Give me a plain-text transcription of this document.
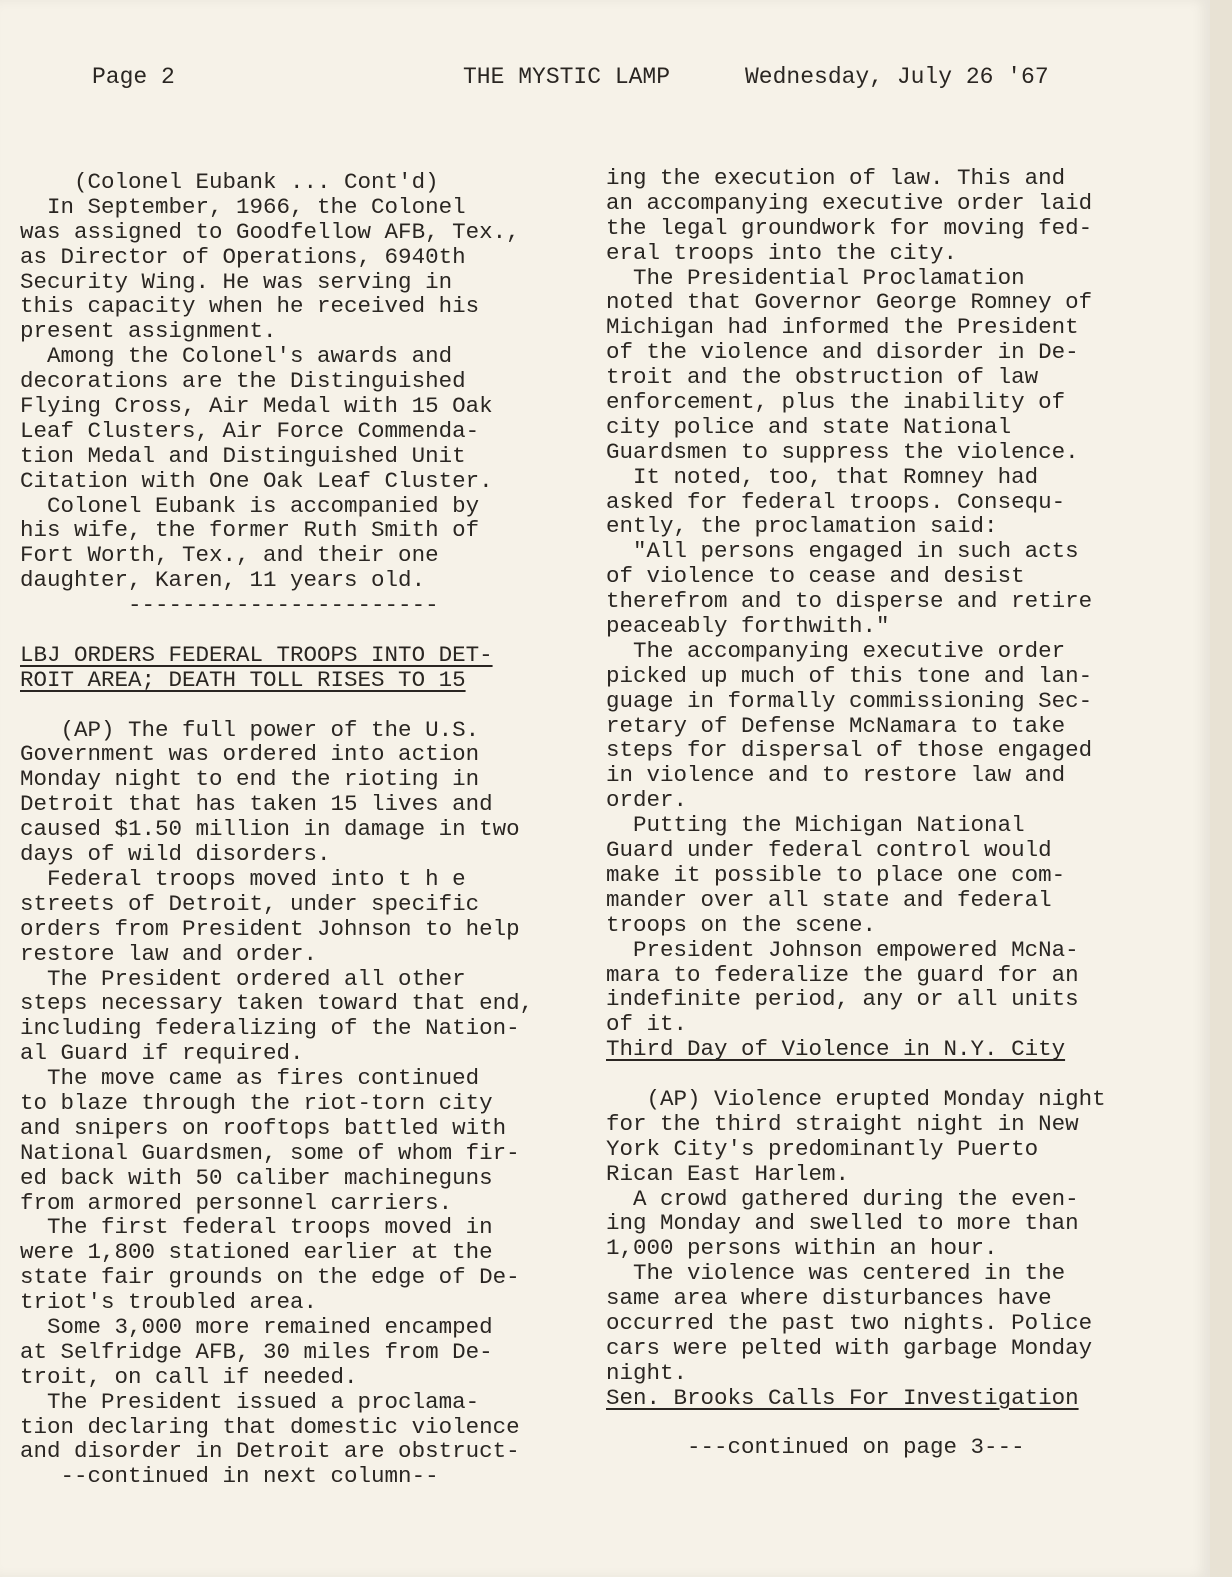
Page 2	THE MYSTIC LAMP	Wednesday, July 26 '67
(Colonel Eubank ... Cont'd)
In September, 1966, the Colonel
was assigned to Goodfellow AFB, Tex.,
as Director of Operations, 6940th
Security Wing. He was serving in
this capacity when he received his
present assignment.
Among the Colonel's awards and
decorations are the Distinguished
Flying Cross, Air Medal with 15 Oak
Leaf Clusters, Air Force Commenda-
tion Medal and Distinguished Unit
Citation with One Oak Leaf Cluster.
Colonel Eubank is accompanied by
his wife, the former Ruth Smith of
Fort Worth, Tex., and their one
daughter, Karen, 11 years old.
-----------------------
LBJ ORDERS FEDERAL TROOPS INTO DET-
ROIT AREA; DEATH TOLL RISES TO 15
(AP) The full power of the U.S.
Government was ordered into action
Monday night to end the rioting in
Detroit that has taken 15 lives and
caused $1.50 million in damage in two
days of wild disorders.
Federal troops moved into t h e
streets of Detroit, under specific
orders from President Johnson to help
restore law and order.
The President ordered all other
steps necessary taken toward that end,
including federalizing of the Nation-
al Guard if required.
The move came as fires continued
to blaze through the riot-torn city
and snipers on rooftops battled with
National Guardsmen, some of whom fir-
ed back with 50 caliber machineguns
from armored personnel carriers.
The first federal troops moved in
were 1,800 stationed earlier at the
state fair grounds on the edge of De-
triot's troubled area.
Some 3,000 more remained encamped
at Selfridge AFB, 30 miles from De-
troit, on call if needed.
The President issued a proclama-
tion declaring that domestic violence
and disorder in Detroit are obstruct-
--continued in next column--
ing the execution of law. This and
an accompanying executive order laid
the legal groundwork for moving fed-
eral troops into the city.
The Presidential Proclamation
noted that Governor George Romney of
Michigan had informed the President
of the violence and disorder in De-
troit and the obstruction of law
enforcement, plus the inability of
city police and state National
Guardsmen to suppress the violence.
It noted, too, that Romney had
asked for federal troops. Consequ-
ently, the proclamation said:
"All persons engaged in such acts
of violence to cease and desist
therefrom and to disperse and retire
peaceably forthwith."
The accompanying executive order
picked up much of this tone and lan-
guage in formally commissioning Sec-
retary of Defense McNamara to take
steps for dispersal of those engaged
in violence and to restore law and
order.
Putting the Michigan National
Guard under federal control would
make it possible to place one com-
mander over all state and federal
troops on the scene.
President Johnson empowered McNa-
mara to federalize the guard for an
indefinite period, any or all units
of it.
Third Day of Violence in N.Y. City
(AP) Violence erupted Monday night
for the third straight night in New
York City's predominantly Puerto
Rican East Harlem.
A crowd gathered during the even-
ing Monday and swelled to more than
1,000 persons within an hour.
The violence was centered in the
same area where disturbances have
occurred the past two nights. Police
cars were pelted with garbage Monday
night.
Sen. Brooks Calls For Investigation
---continued on page 3---
